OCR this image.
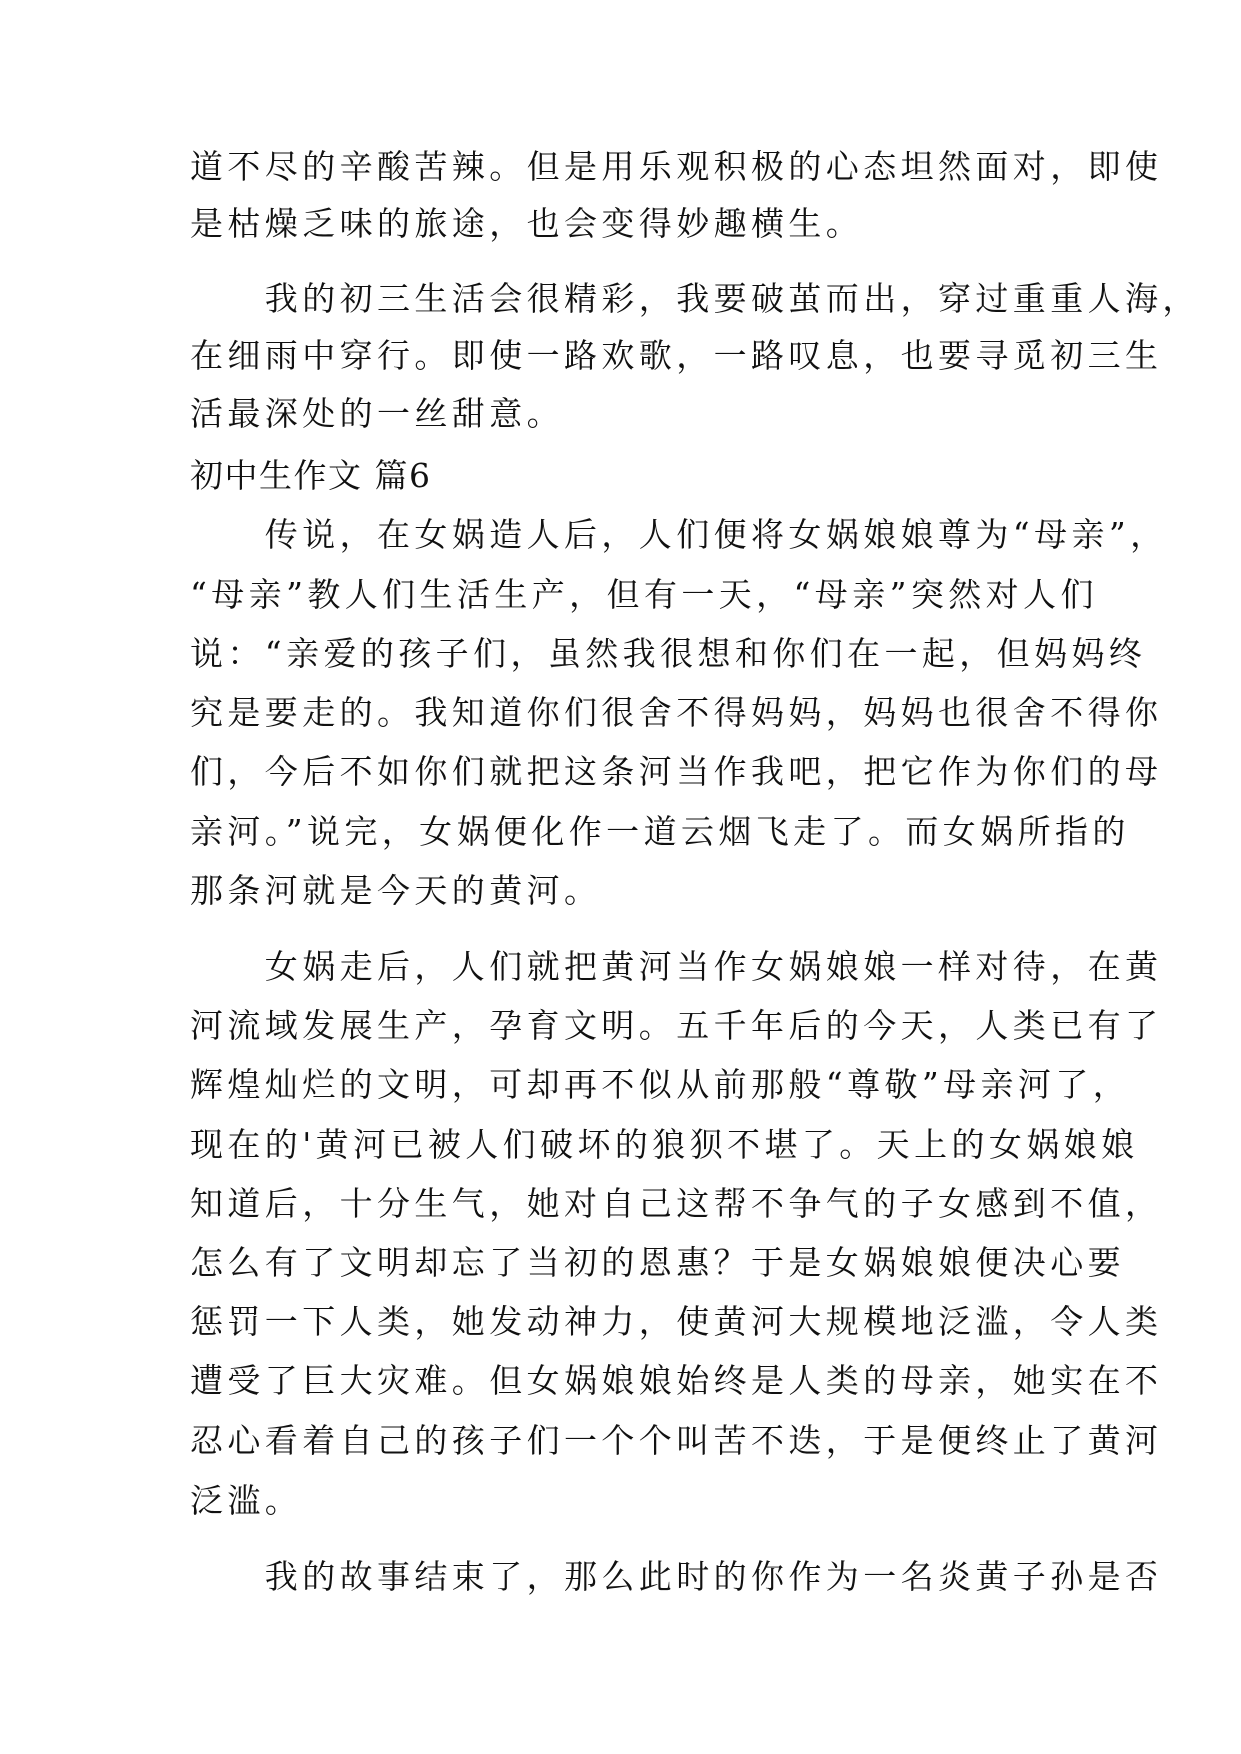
道不尽的辛酸苦辣。但是用乐观积极的心态坦然面对，即使

是枯燥乏味的旅途，也会变得妙趣横生。

　　我的初三生活会很精彩，我要破茧而出，穿过重重人海，

在细雨中穿行。即使一路欢歌，一路叹息，也要寻觅初三生

活最深处的一丝甜意。

初中生作文 篇6

　　传说，在女娲造人后，人们便将女娲娘娘尊为“母亲”，

“母亲”教人们生活生产，但有一天，“母亲”突然对人们

说：“亲爱的孩子们，虽然我很想和你们在一起，但妈妈终

究是要走的。我知道你们很舍不得妈妈，妈妈也很舍不得你

们，今后不如你们就把这条河当作我吧，把它作为你们的母

亲河。”说完，女娲便化作一道云烟飞走了。而女娲所指的

那条河就是今天的黄河。

　　女娲走后，人们就把黄河当作女娲娘娘一样对待，在黄

河流域发展生产，孕育文明。五千年后的今天，人类已有了

辉煌灿烂的文明，可却再不似从前那般“尊敬”母亲河了，

现在的'黄河已被人们破坏的狼狈不堪了。天上的女娲娘娘

知道后，十分生气，她对自己这帮不争气的子女感到不值，

怎么有了文明却忘了当初的恩惠？于是女娲娘娘便决心要

惩罚一下人类，她发动神力，使黄河大规模地泛滥，令人类

遭受了巨大灾难。但女娲娘娘始终是人类的母亲，她实在不

忍心看着自己的孩子们一个个叫苦不迭，于是便终止了黄河

泛滥。

　　我的故事结束了，那么此时的你作为一名炎黄子孙是否
